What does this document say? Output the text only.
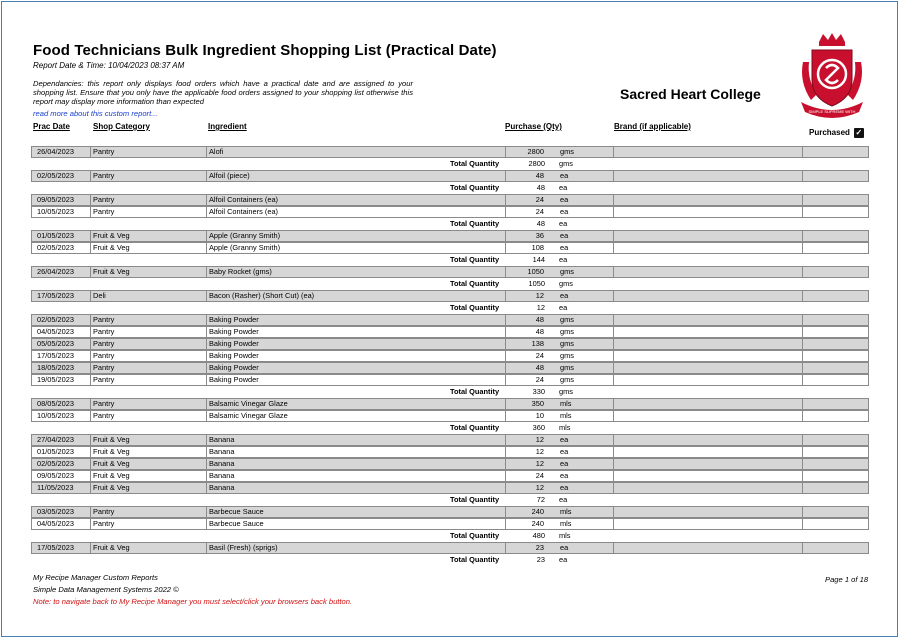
Food Technicians Bulk Ingredient Shopping List (Practical Date)
Report Date & Time: 10/04/2023 08:37 AM
Dependancies: this report only displays food orders which have a practical date and are assigned to your shopping list. Ensure that you only have the applicable food orders assigned to your shopping list otherwise this report may display more information than expected
read more about this custom report...
Sacred Heart College
SIMPLE SUPREME WITH
Prac Date	Shop Category	Ingredient	Purchase (Qty)	Brand (if applicable)
Purchased ✓
26/04/2023	Pantry	Alofi	2800 gms
Total Quantity	2800 gms
02/05/2023	Pantry	Alfoil (piece)	48 ea
Total Quantity	48 ea
09/05/2023	Pantry	Alfoil Containers (ea)	24 ea
10/05/2023	Pantry	Alfoil Containers (ea)	24 ea
Total Quantity	48 ea
01/05/2023	Fruit & Veg	Apple (Granny Smith)	36 ea
02/05/2023	Fruit & Veg	Apple (Granny Smith)	108 ea
Total Quantity	144 ea
26/04/2023	Fruit & Veg	Baby Rocket (gms)	1050 gms
Total Quantity	1050 gms
17/05/2023	Deli	Bacon (Rasher) (Short Cut) (ea)	12 ea
Total Quantity	12 ea
02/05/2023	Pantry	Baking Powder	48 gms
04/05/2023	Pantry	Baking Powder	48 gms
05/05/2023	Pantry	Baking Powder	138 gms
17/05/2023	Pantry	Baking Powder	24 gms
18/05/2023	Pantry	Baking Powder	48 gms
19/05/2023	Pantry	Baking Powder	24 gms
Total Quantity	330 gms
08/05/2023	Pantry	Balsamic Vinegar Glaze	350 mls
10/05/2023	Pantry	Balsamic Vinegar Glaze	10 mls
Total Quantity	360 mls
27/04/2023	Fruit & Veg	Banana	12 ea
01/05/2023	Fruit & Veg	Banana	12 ea
02/05/2023	Fruit & Veg	Banana	12 ea
09/05/2023	Fruit & Veg	Banana	24 ea
11/05/2023	Fruit & Veg	Banana	12 ea
Total Quantity	72 ea
03/05/2023	Pantry	Barbecue Sauce	240 mls
04/05/2023	Pantry	Barbecue Sauce	240 mls
Total Quantity	480 mls
17/05/2023	Fruit & Veg	Basil (Fresh) (sprigs)	23 ea
Total Quantity	23 ea
My Recipe Manager Custom Reports
Simple Data Management Systems 2022 ©
Note: to navigate back to My Recipe Manager you must select/click your browsers back button.
Page 1 of 18
